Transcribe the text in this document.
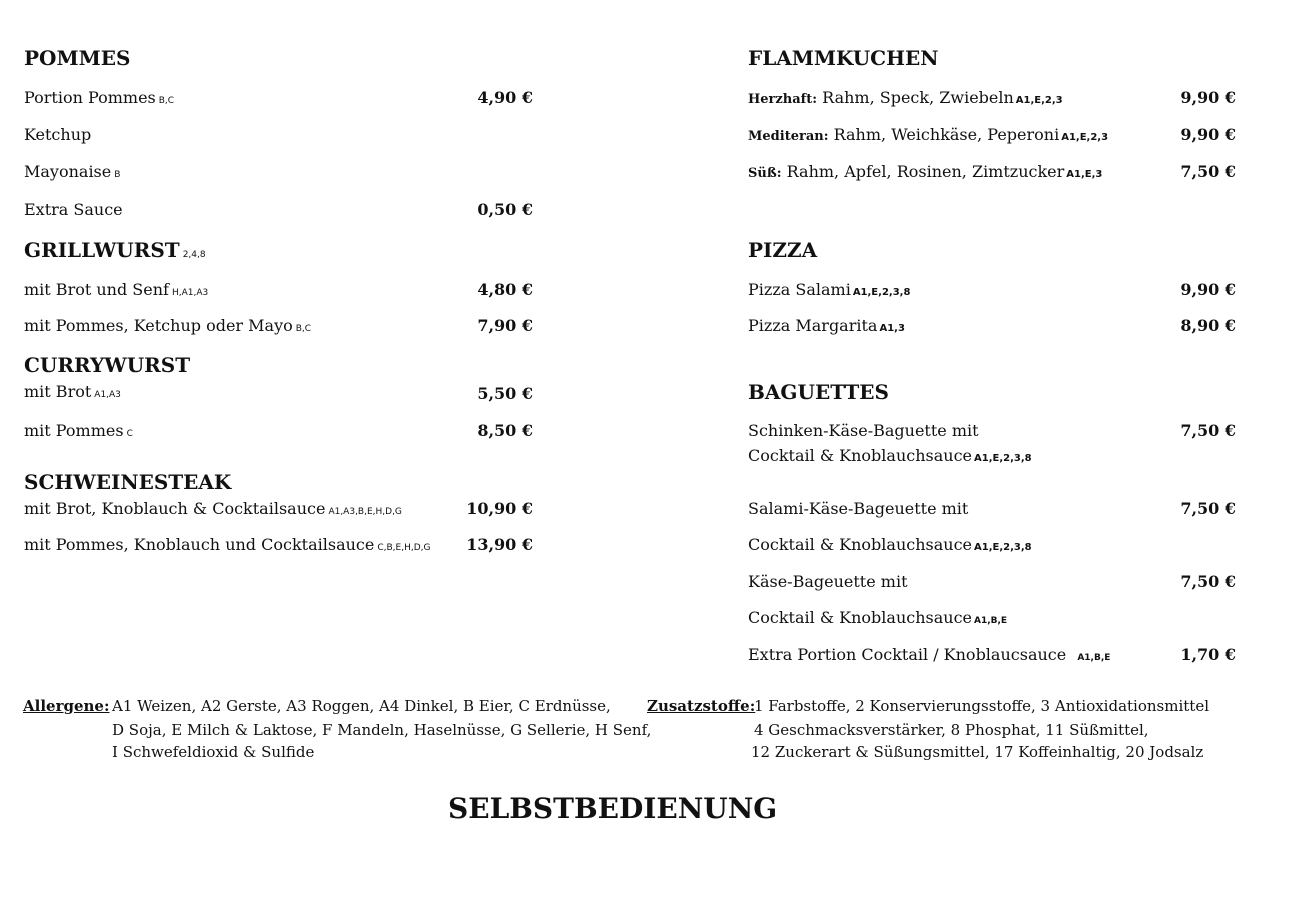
POMMES
Portion Pommes B,C	4,90 €
Ketchup
Mayonaise B
Extra Sauce	0,50 €
GRILLWURST 2,4,8
mit Brot und Senf H,A1,A3	4,80 €
mit Pommes, Ketchup oder Mayo B,C	7,90 €
CURRYWURST
mit Brot A1,A3	5,50 €
mit Pommes C	8,50 €
SCHWEINESTEAK
mit Brot, Knoblauch & Cocktailsauce A1,A3,B,E,H,D,G	10,90 €
mit Pommes, Knoblauch und Cocktailsauce C,B,E,H,D,G 13,90 €
FLAMMKUCHEN
Herzhaft: Rahm, Speck, Zwiebeln A1,E,2,3	9,90 €
Mediteran: Rahm, Weichkäse, Peperoni A1,E,2,3	9,90 €
Süß: Rahm, Apfel, Rosinen, Zimtzucker A1,E,3	7,50 €
PIZZA
Pizza Salami A1,E,2,3,8	9,90 €
Pizza Margarita A1,3	8,90 €
BAGUETTES
Schinken-Käse-Baguette mit
Cocktail & Knoblauchsauce A1,E,2,3,8
7,50 €
Salami-Käse-Bageuette mit
Cocktail & Knoblauchsauce A1,E,2,3,8
7,50 €
Käse-Bageuette mit
Cocktail & Knoblauchsauce A1,B,E
7,50 €
Extra Portion Cocktail / Knoblaucsauce A1,B,E	1,70 €
Allergene: A1 Weizen, A2 Gerste, A3 Roggen, A4 Dinkel, B Eier, C Erdnüsse,
D Soja, E Milch & Laktose, F Mandeln, Haselnüsse, G Sellerie, H Senf,
I Schwefeldioxid & Sulfide
Zusatzstoffe:
1 Farbstoffe, 2 Konservierungsstoffe, 3 Antioxidationsmittel
4 Geschmacksverstärker, 8 Phosphat, 11 Süßmittel,
12 Zuckerart & Süßungsmittel, 17 Koffeinhaltig, 20 Jodsalz
SELBSTBEDIENUNG
